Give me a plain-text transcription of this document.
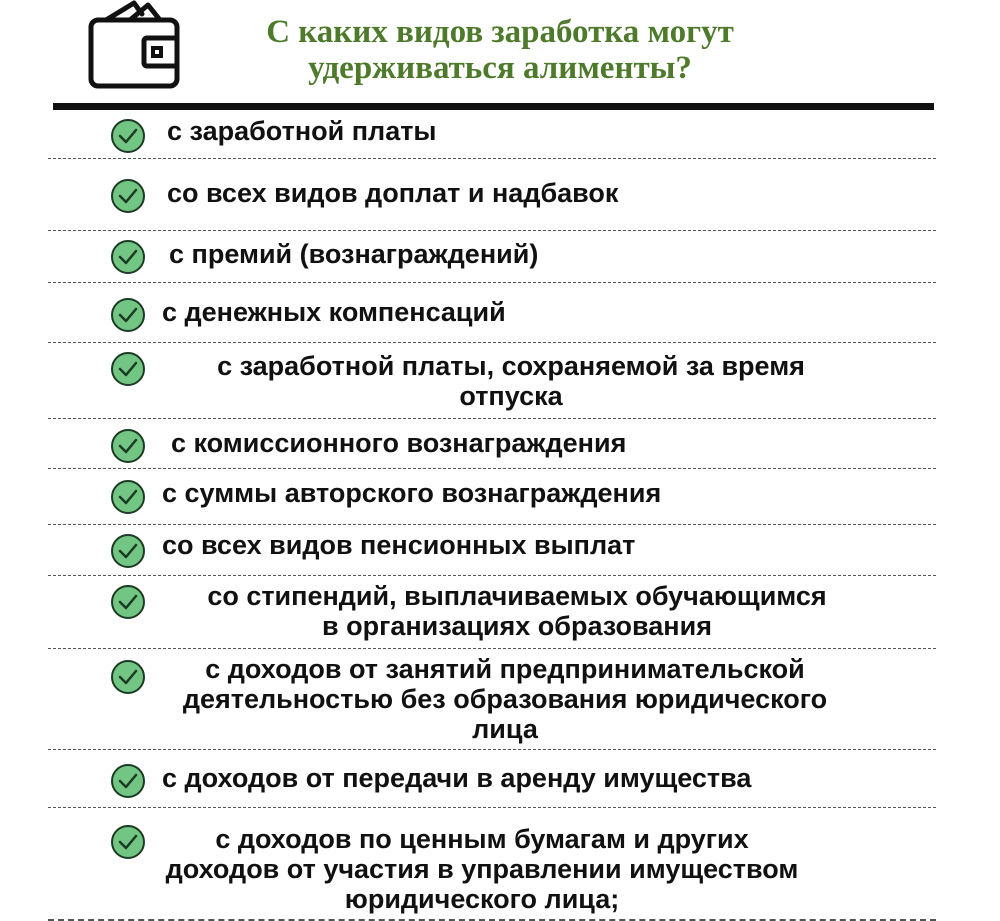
С каких видов заработка могут
удерживаться алименты?
с заработной платы
со всех видов доплат и надбавок
с премий (вознаграждений)
с денежных компенсаций
с заработной платы, сохраняемой за время
отпуска
с комиссионного вознаграждения
с суммы авторского вознаграждения
со всех видов пенсионных выплат
со стипендий, выплачиваемых обучающимся
в организациях образования
с доходов от занятий предпринимательской
деятельностью без образования юридического
лица
с доходов от передачи в аренду имущества
с доходов по ценным бумагам и других
доходов от участия в управлении имуществом
юридического лица;
